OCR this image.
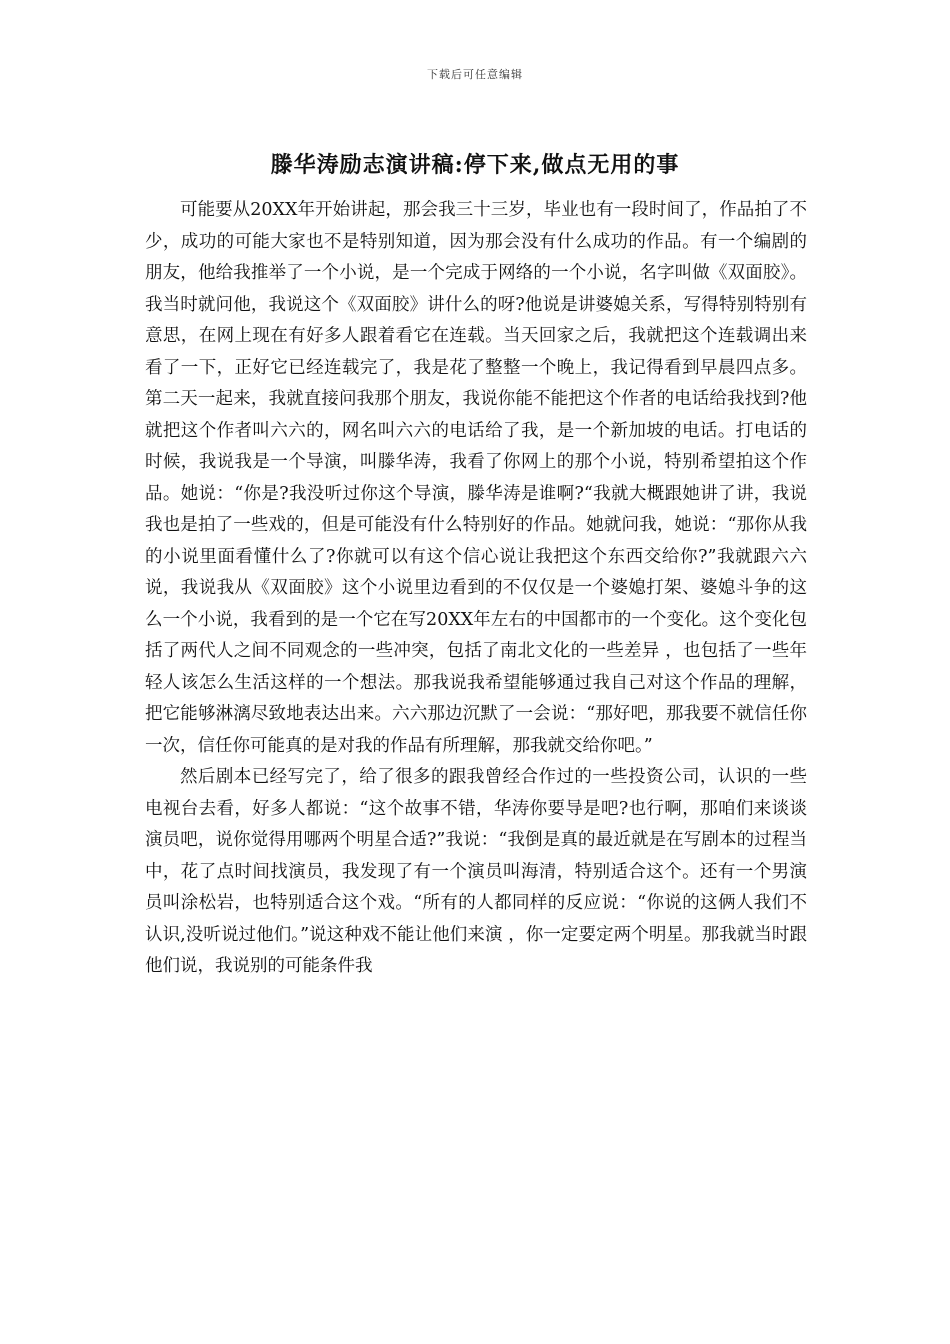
下载后可任意编辑
滕华涛励志演讲稿:停下来,做点无用的事

可能要从20XX年开始讲起，那会我三十三岁，毕业也有一段时间了，作品拍了不少，成功的可能大家也不是特别知道，因为那会没有什么成功的作品。有一个编剧的朋友，他给我推举了一个小说，是一个完成于网络的一个小说，名字叫做《双面胶》。我当时就问他，我说这个《双面胶》讲什么的呀?他说是讲婆媳关系，写得特别特别有意思，在网上现在有好多人跟着看它在连载。当天回家之后，我就把这个连载调出来看了一下，正好它已经连载完了，我是花了整整一个晚上，我记得看到早晨四点多。第二天一起来，我就直接问我那个朋友，我说你能不能把这个作者的电话给我找到?他就把这个作者叫六六的，网名叫六六的电话给了我，是一个新加坡的电话。打电话的时候，我说我是一个导演，叫滕华涛，我看了你网上的那个小说，特别希望拍这个作品。她说：“你是?我没听过你这个导演，滕华涛是谁啊?“我就大概跟她讲了讲，我说我也是拍了一些戏的，但是可能没有什么特别好的作品。她就问我，她说：“那你从我的小说里面看懂什么了?你就可以有这个信心说让我把这个东西交给你?”我就跟六六说，我说我从《双面胶》这个小说里边看到的不仅仅是一个婆媳打架、婆媳斗争的这么一个小说，我看到的是一个它在写20XX年左右的中国都市的一个变化。这个变化包括了两代人之间不同观念的一些冲突，包括了南北文化的一些差异 ，也包括了一些年轻人该怎么生活这样的一个想法。那我说我希望能够通过我自己对这个作品的理解，把它能够淋漓尽致地表达出来。六六那边沉默了一会说：“那好吧，那我要不就信任你一次，信任你可能真的是对我的作品有所理解，那我就交给你吧。”

然后剧本已经写完了，给了很多的跟我曾经合作过的一些投资公司，认识的一些电视台去看，好多人都说：“这个故事不错，华涛你要导是吧?也行啊，那咱们来谈谈演员吧，说你觉得用哪两个明星合适?”我说：“我倒是真的最近就是在写剧本的过程当中，花了点时间找演员，我发现了有一个演员叫海清，特别适合这个。还有一个男演员叫涂松岩，也特别适合这个戏。“所有的人都同样的反应说：“你说的这俩人我们不认识,没听说过他们。”说这种戏不能让他们来演 ，你一定要定两个明星。那我就当时跟他们说，我说别的可能条件我
